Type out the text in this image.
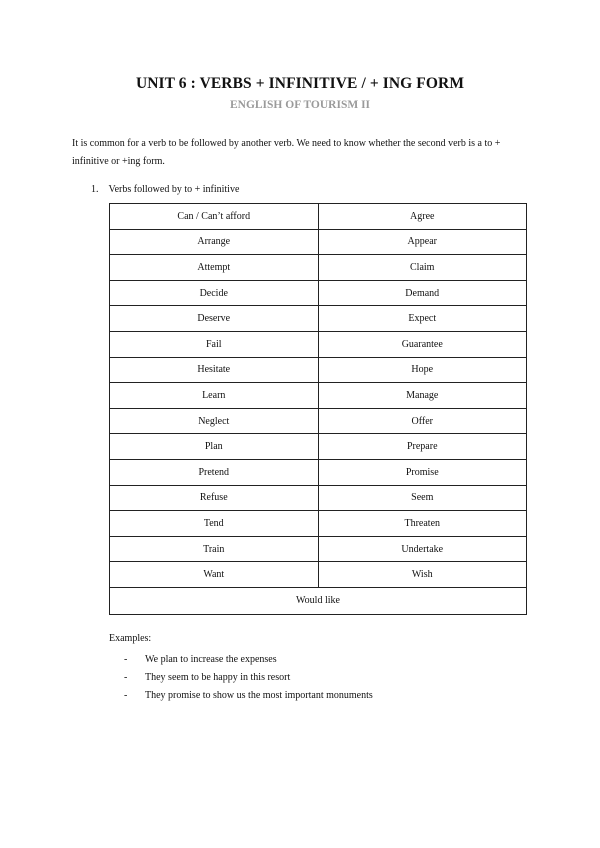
UNIT 6 : VERBS + INFINITIVE / + ING FORM
ENGLISH OF TOURISM II
It is common for a verb to be followed by another verb. We need to know whether the second verb is a to +
infinitive or +ing form.
1. Verbs followed by to + infinitive
Can / Can’t afford	Agree
Arrange	Appear
Attempt	Claim
Decide	Demand
Deserve	Expect
Fail	Guarantee
Hesitate	Hope
Learn	Manage
Neglect	Offer
Plan	Prepare
Pretend	Promise
Refuse	Seem
Tend	Threaten
Train	Undertake
Want	Wish
Would like	
Examples:
-	We plan to increase the expenses
-	They seem to be happy in this resort
-	They promise to show us the most important monuments
